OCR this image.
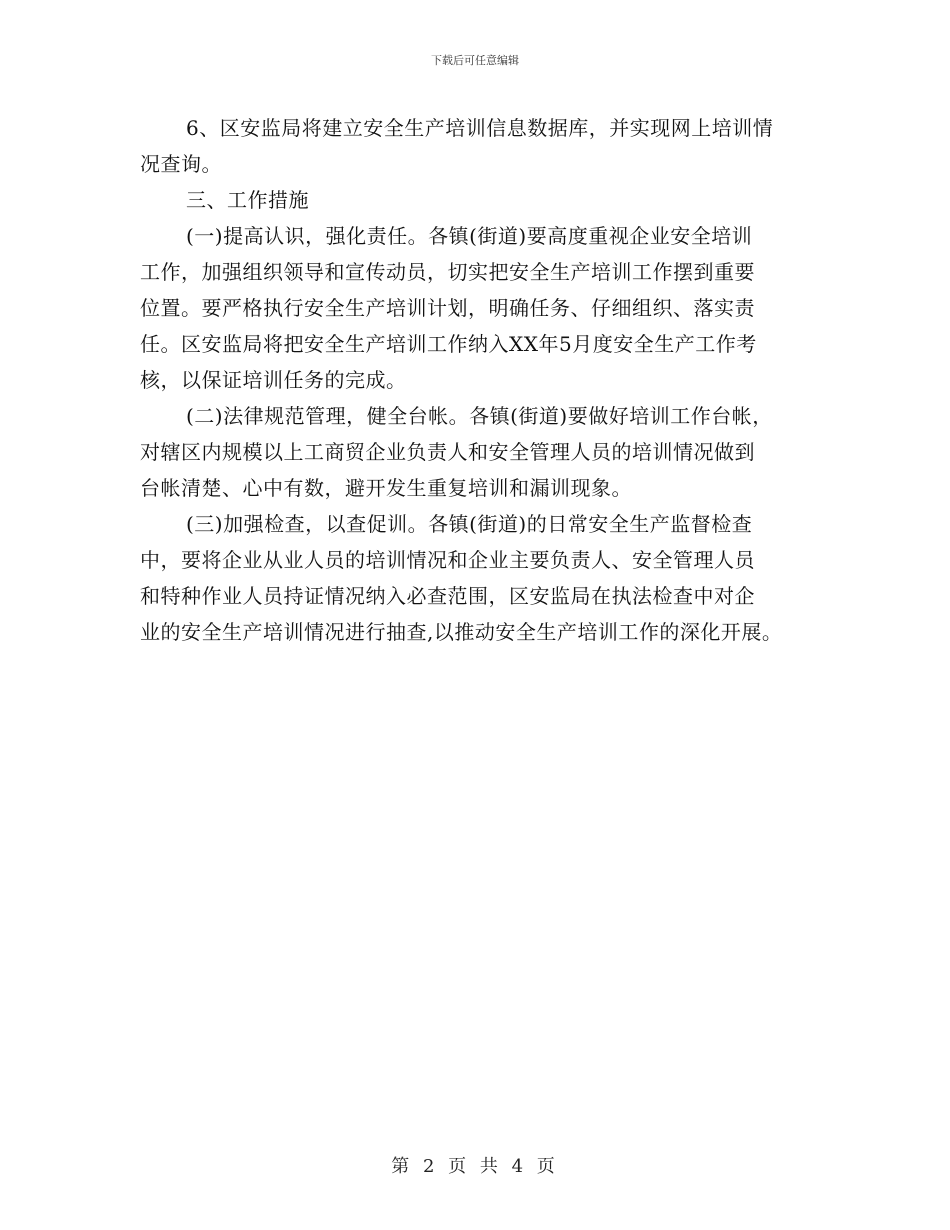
下载后可任意编辑
6、区安监局将建立安全生产培训信息数据库，并实现网上培训情
况查询。
三、工作措施
(一)提高认识，强化责任。各镇(街道)要高度重视企业安全培训
工作，加强组织领导和宣传动员，切实把安全生产培训工作摆到重要
位置。要严格执行安全生产培训计划，明确任务、仔细组织、落实责
任。区安监局将把安全生产培训工作纳入XX年5月度安全生产工作考
核，以保证培训任务的完成。
(二)法律规范管理，健全台帐。各镇(街道)要做好培训工作台帐，
对辖区内规模以上工商贸企业负责人和安全管理人员的培训情况做到
台帐清楚、心中有数，避开发生重复培训和漏训现象。
(三)加强检查，以查促训。各镇(街道)的日常安全生产监督检查
中，要将企业从业人员的培训情况和企业主要负责人、安全管理人员
和特种作业人员持证情况纳入必查范围，区安监局在执法检查中对企
业的安全生产培训情况进行抽查,以推动安全生产培训工作的深化开展。
第 2 页 共 4 页
